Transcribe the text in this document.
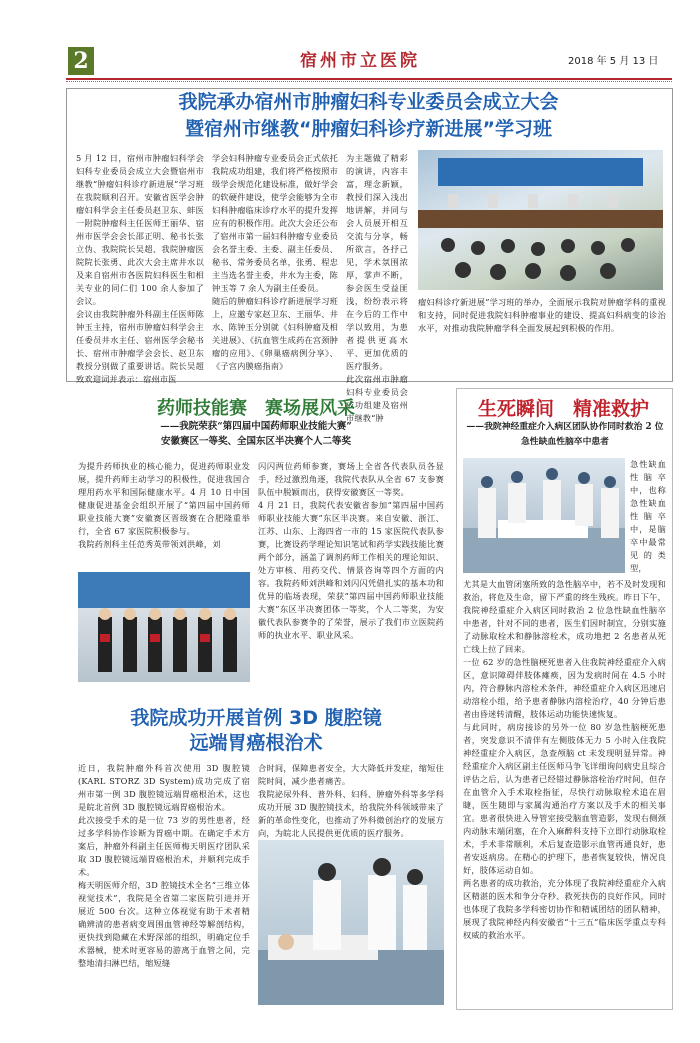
2	宿州市立医院	2018 年 5 月 13 日
我院承办宿州市肿瘤妇科专业委员会成立大会
暨宿州市继教“肿瘤妇科诊疗新进展”学习班
5 月 12 日，宿州市肿瘤妇科学会妇科专业委员会成立大会暨宿州市继教“肿瘤妇科诊疗新进展”学习班在我院顺利召开。安徽省医学会肿瘤妇科学会主任委员赵卫东、蚌医一附院肿瘤科主任医师王丽华、宿州市医学会会长邵正明、秘书长张立伪、我院院长吴超、我院肿瘤医院院长张勇、此次大会主席井水以及来自宿州市各医院妇科医生和相关专业的同仁们 100 余人参加了会议。
会议由我院肿瘤外科副主任医师陈钟玉主持，宿州市肿瘤妇科学会主任委员井水主任、宿州医学会秘书长、宿州市肿瘤学会会长、赵卫东教授分别做了重要讲话。院长吴超致欢迎词并表示：宿州市医
学会妇科肿瘤专业委员会正式依托我院成功组建，我们将严格按照市级学会规范化建设标准，做好学会的软硬件建设，使学会能够为全市妇科肿瘤临床诊疗水平的提升发挥应有的积极作用。此次大会还公布了宿州市第一届妇科肿瘤专业委员会名誉主委、主委、副主任委员、秘书、常务委员名单，张勇、程忠主当选名誉主委，井水为主委，陈钟玉等 7 余人为副主任委员。
随后的肿瘤妇科诊疗新进展学习班上，应邀专家赵卫东、王丽华、井水、陈钟玉分别就《妇科肿瘤及相关进展》、《抗血管生成药在宫颈肿瘤的应用》、《卵巢癌病例分享》、《子宫内膜癌指南》
为主题做了精彩的演讲，内容丰富，理念新颖，教授们深入浅出地讲解，并同与会人员展开相互交流与分享，畅所欲言，各抒己见，学术氛围浓厚，掌声不断，参会医生受益匪浅，纷纷表示将在今后的工作中学以致用，为患者提供更高水平、更加优质的医疗服务。
此次宿州市肿瘤妇科专业委员会成功组建及宿州市继教“肿
瘤妇科诊疗新进展”学习班的举办，全面展示我院对肿瘤学科的重视和支持，同时促进我院妇科肿瘤事业的建设、提高妇科病变的诊治水平，对推动我院肿瘤学科全面发展起到积极的作用。
药师技能赛　赛场展风采
——我院荣获“第四届中国药师职业技能大赛”
安徽赛区一等奖、全国东区半决赛个人二等奖
为提升药师执业的核心能力，促进药师职业发展，提升药师主动学习的积极性，促进我国合理用药水平和国际健康水平。4 月 10 日中国健康促进基金会组织开展了“第四届中国药师职业技能大赛”安徽赛区晋级赛在合肥隆重举行，全省 67 家医院积极参与。
我院药剂科主任范秀英带领刘洪峰，刘
闪闪两位药师参赛，赛场上全省各代表队员各显手，经过激烈角逐，我院代表队从全省 67 支参赛队伍中脱颖而出，获得安徽赛区一等奖。
4 月 21 日，我院代表安徽省参加“第四届中国药师职业技能大赛”东区半决赛。来自安徽、浙江、江苏、山东、上海四省一市的 15 家医院代表队参赛，比赛设药学理论知识笔试和药学实践技能比赛两个部分，涵盖了调剂药师工作相关的理论知识、处方审核、用药交代、情景咨询等四个方面的内容。我院药师刘洪峰和刘闪闪凭借扎实的基本功和优异的临场表现，荣获“第四届中国药师职业技能大赛”东区半决赛团体一等奖，个人二等奖，为安徽代表队参赛争的了荣誉，展示了我们市立医院药师的执业水平、职业风采。
生死瞬间　精准救护
——我院神经重症介入病区团队协作同时救治 2 位
急性缺血性脑卒中患者
急性缺血性脑卒中，也称急性缺血性脑卒中，是脑卒中最常见的类型，
尤其是大血管闭塞所致的急性脑卒中，若不及时发现和救治，将危及生命，留下严重的终生残疾。昨日下午，我院神经重症介入病区同时救治 2 位急性缺血性脑卒中患者，针对不同的患者，医生们因时制宜，分别实施了动脉取栓术和静脉溶栓术，成功地把 2 名患者从死亡线上拉了回来。
一位 62 岁的急性脑梗死患者入住我院神经重症介入病区，意识障碍伴肢体瘫痪，因为发病时间在 4.5 小时内，符合静脉内溶栓术条件，神经重症介入病区迅速启动溶栓小组，给予患者静脉内溶栓治疗，40 分钟后患者由昏迷转清醒，肢体运动功能快速恢复。
与此同时，病房接诊的另外一位 80 岁急性脑梗死患者，突发意识不清伴有左侧肢体无力 5 小时入住我院神经重症介入病区，急查颅脑 ct 未发现明显异常。神经重症介入病区副主任医师马争飞详细询问病史且综合评估之后，认为患者已经错过静脉溶栓治疗时间，但存在血管介入手术取栓指征，尽快行动脉取栓术追在眉睫，医生随即与家属沟通治疗方案以及手术的相关事宜。患者很快进入导管室接受脑血管造影，发现右侧颈内动脉末端闭塞，在介入麻醉科支持下立即行动脉取栓术，手术非常顺利，术后复查造影示血管再通良好，患者安返病房。在精心的护理下，患者恢复较快，情况良好，肢体运动自如。
两名患者的成功救治，充分体现了我院神经重症介入病区精湛的医术和争分夺秒、救死扶伤的良好作风，同时也体现了我院多学科密切协作和精诚团结的团队精神，展现了我院神经内科安徽省“十三五”临床医学重点专科权威的救治水平。
我院成功开展首例 3D 腹腔镜
远端胃癌根治术
近日，我院肿瘤外科首次使用 3D 腹腔镜(KARL STORZ 3D System)成功完成了宿州市第一例 3D 腹腔镜远端胃癌根治术，这也是皖北首例 3D 腹腔镜远端胃癌根治术。
此次接受手术的是一位 73 岁的男性患者，经过多学科协作诊断为胃癌中期。在确定手术方案后，肿瘤外科副主任医师梅天明医疗团队采取 3D 腹腔镜远端胃癌根治术，并顺利完成手术。
梅天明医师介绍，3D 腔镜技术全名“三维立体视觉技术”，我院是全省第二家医院引进并开展近 500 台次。这种立体视觉有助于术者精确辨清的患者病变周围血管神经等解剖结构，更快找到隐藏在术野深部的组织，明确定位手术器械，使术时更容易的游离于血管之间，完整地清扫淋巴结，缩短缝
合时间，保障患者安全，大大降低并发症，缩短住院时间，减少患者痛苦。
我院泌尿外科、普外科、妇科、肿瘤外科等多学科成功开展 3D 腹腔镜技术，给我院外科领域带来了新的革命性变化，也推动了外科微创治疗的发展方向，为皖北人民提供更优质的医疗服务。
